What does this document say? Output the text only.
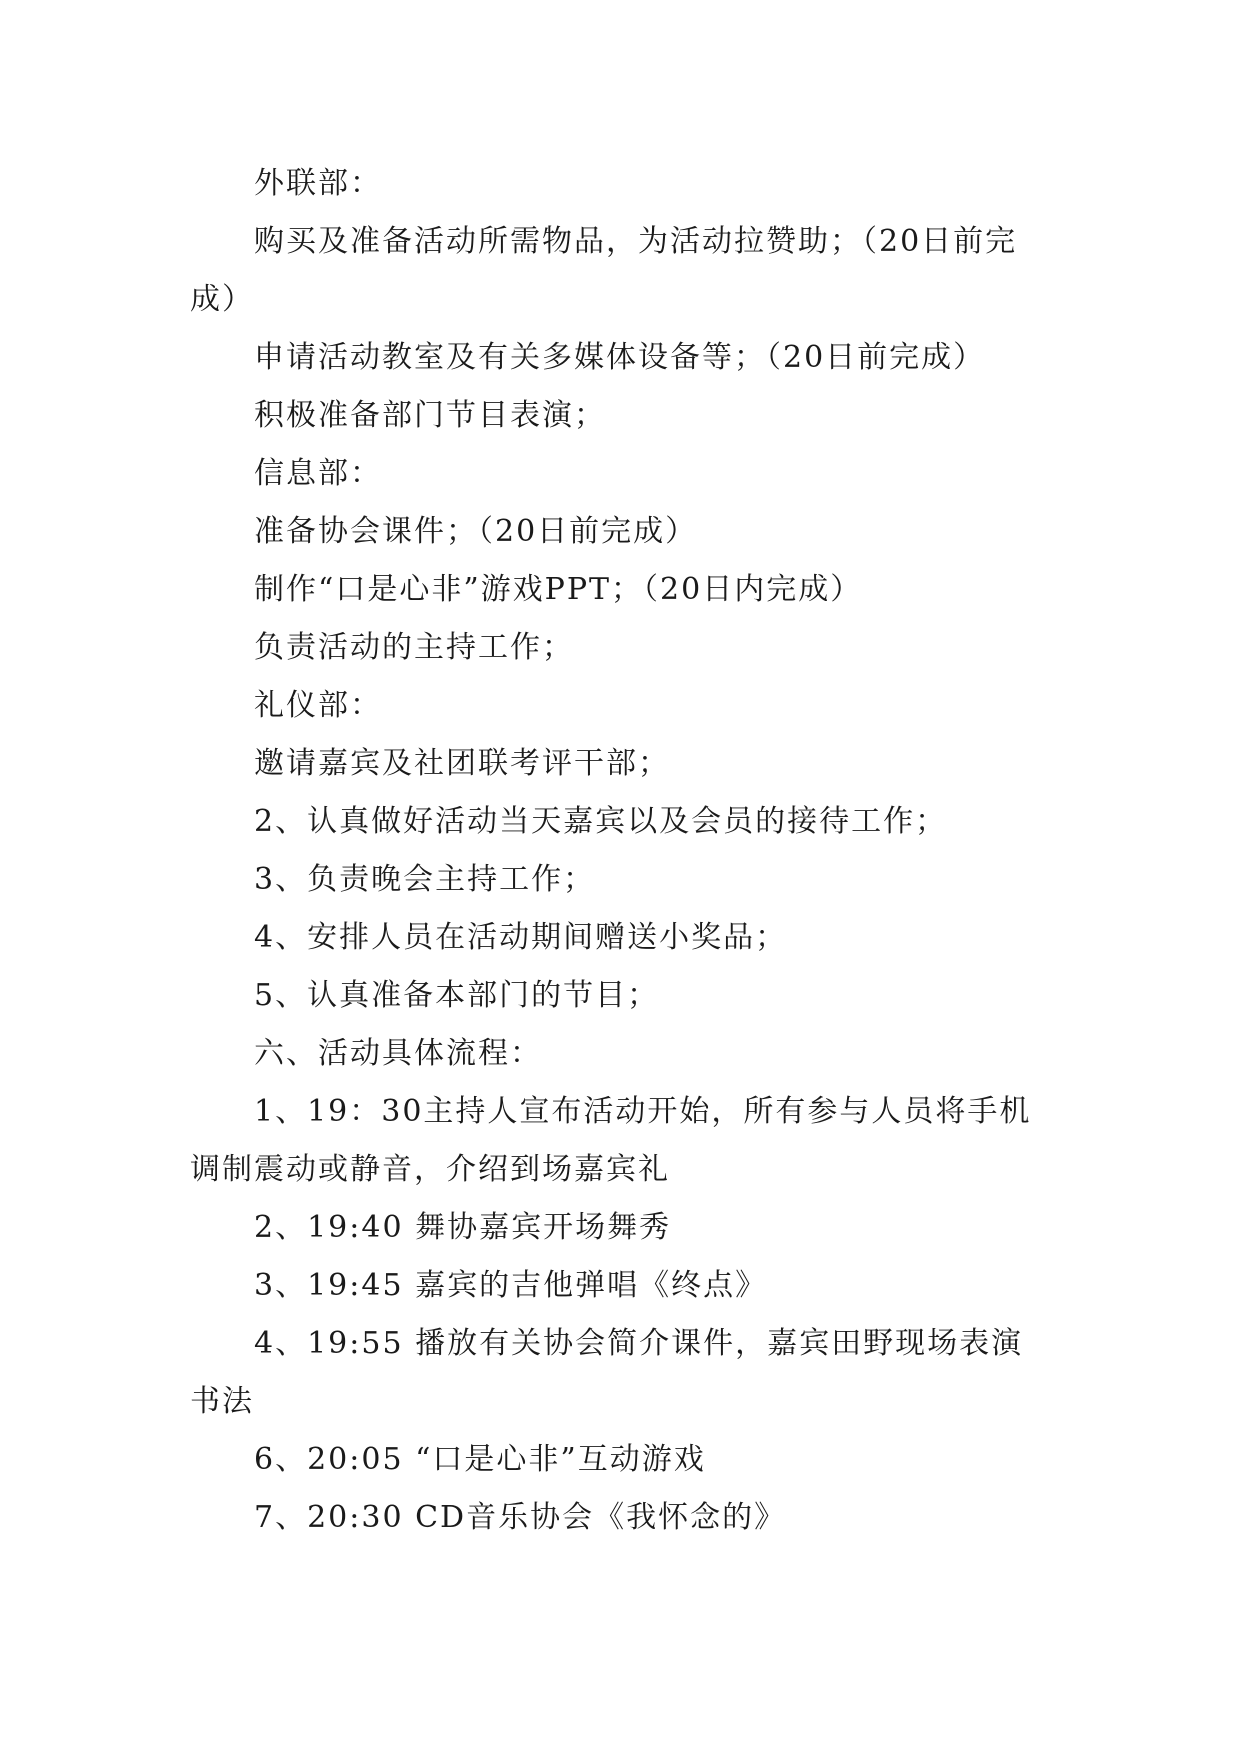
外联部：

购买及准备活动所需物品，为活动拉赞助；（20日前完成）

申请活动教室及有关多媒体设备等；（20日前完成）

积极准备部门节目表演；

信息部：

准备协会课件；（20日前完成）

制作“口是心非”游戏PPT；（20日内完成）

负责活动的主持工作；

礼仪部：

邀请嘉宾及社团联考评干部；

2、认真做好活动当天嘉宾以及会员的接待工作；

3、负责晚会主持工作；

4、安排人员在活动期间赠送小奖品；

5、认真准备本部门的节目；

六、活动具体流程：

1、19：30主持人宣布活动开始，所有参与人员将手机调制震动或静音，介绍到场嘉宾礼

2、19:40 舞协嘉宾开场舞秀

3、19:45 嘉宾的吉他弹唱《终点》

4、19:55 播放有关协会简介课件，嘉宾田野现场表演书法

6、20:05 “口是心非”互动游戏

7、20:30 CD音乐协会《我怀念的》
